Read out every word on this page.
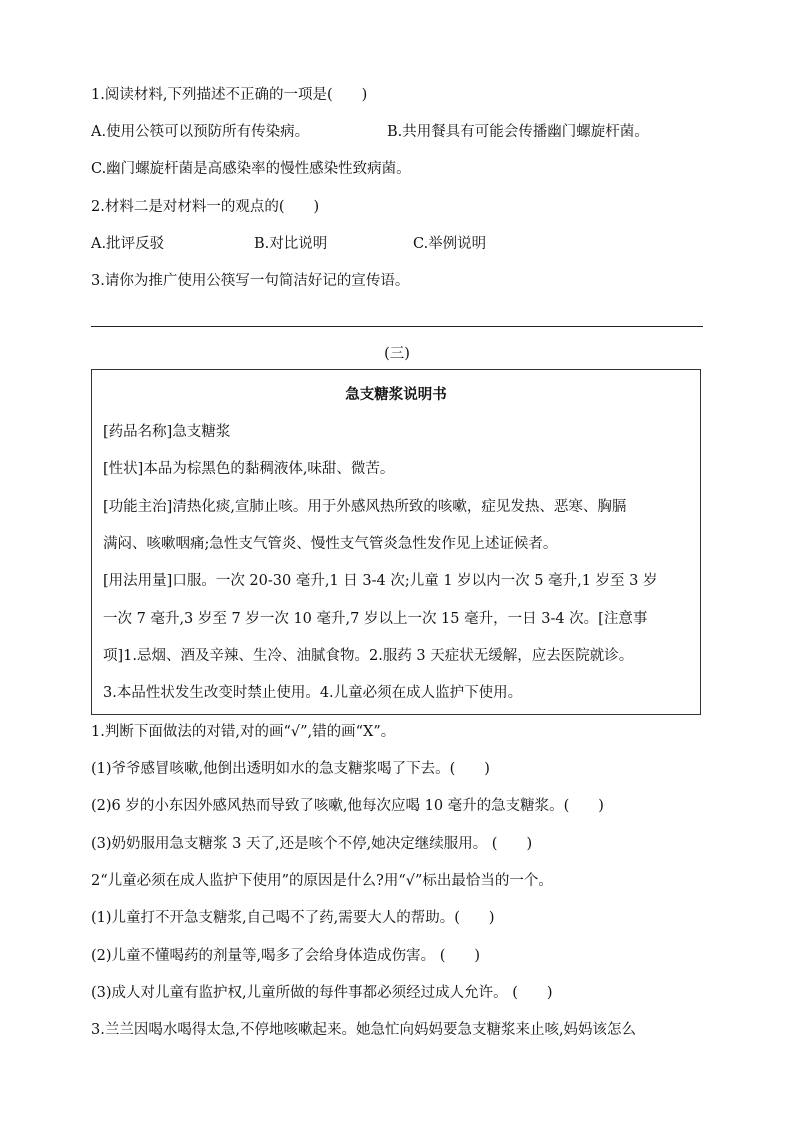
1.阅读材料,下列描述不正确的一项是(　　)
A.使用公筷可以预防所有传染病。	B.共用餐具有可能会传播幽门螺旋杆菌。
C.幽门螺旋杆菌是高感染率的慢性感染性致病菌。
2.材料二是对材料一的观点的(　　)
A.批评反驳	B.对比说明	C.举例说明
3.请你为推广使用公筷写一句简洁好记的宣传语。
(三)
急支糖浆说明书
[药品名称]急支糖浆
[性状]本品为棕黑色的黏稠液体,味甜、微苦。
[功能主治]清热化痰,宣肺止咳。用于外感风热所致的咳嗽，症见发热、恶寒、胸膈
满闷、咳嗽咽痛;急性支气管炎、慢性支气管炎急性发作见上述证候者。
[用法用量]口服。一次 20-30 毫升,1 日 3-4 次;儿童 1 岁以内一次 5 毫升,1 岁至 3 岁
一次 7 毫升,3 岁至 7 岁一次 10 毫升,7 岁以上一次 15 毫升，一日 3-4 次。[注意事
项]1.忌烟、酒及辛辣、生冷、油腻食物。2.服药 3 天症状无缓解，应去医院就诊。
3.本品性状发生改变时禁止使用。4.儿童必须在成人监护下使用。
1.判断下面做法的对错,对的画“√”,错的画“X”。
(1)爷爷感冒咳嗽,他倒出透明如水的急支糖浆喝了下去。(　　)
(2)6 岁的小东因外感风热而导致了咳嗽,他每次应喝 10 毫升的急支糖浆。(　　)
(3)奶奶服用急支糖浆 3 天了,还是咳个不停,她决定继续服用。 (　　)
2“儿童必须在成人监护下使用”的原因是什么?用“√”标出最恰当的一个。
(1)儿童打不开急支糖浆,自己喝不了药,需要大人的帮助。(　　)
(2)儿童不懂喝药的剂量等,喝多了会给身体造成伤害。 (　　)
(3)成人对儿童有监护权,儿童所做的每件事都必须经过成人允许。 (　　)
3.兰兰因喝水喝得太急,不停地咳嗽起来。她急忙向妈妈要急支糖浆来止咳,妈妈该怎么
